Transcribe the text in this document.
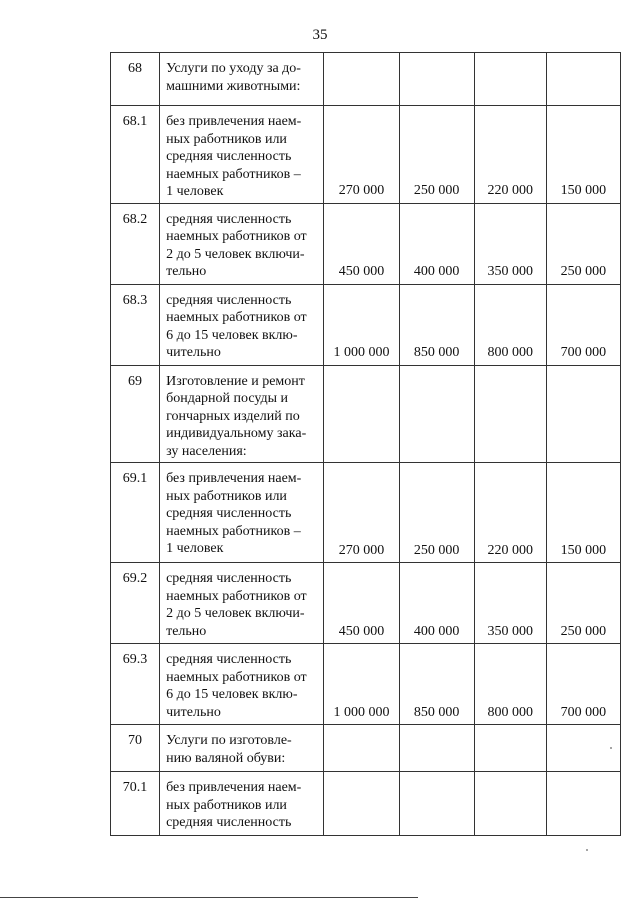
35
68	Услуги по уходу за до-
машними животными:				

68.1	без привлечения наем-
ных работников или
средняя численность
наемных работников –
1 человек	270 000	250 000	220 000	150 000
68.2	средняя численность
наемных работников от
2 до 5 человек включи-
тельно	450 000	400 000	350 000	250 000
68.3	средняя численность
наемных работников от
6 до 15 человек вклю-
чительно	1 000 000	850 000	800 000	700 000
69	Изготовление и ремонт
бондарной посуды и
гончарных изделий по
индивидуальному зака-
зу населения:				

69.1	без привлечения наем-
ных работников или
средняя численность
наемных работников –
1 человек	270 000	250 000	220 000	150 000
69.2	средняя численность
наемных работников от
2 до 5 человек включи-
тельно	450 000	400 000	350 000	250 000
69.3	средняя численность
наемных работников от
6 до 15 человек вклю-
чительно	1 000 000	850 000	800 000	700 000
70	Услуги по изготовле-
нию валяной обуви:				

70.1	без привлечения наем-
ных работников или
средняя численность				
